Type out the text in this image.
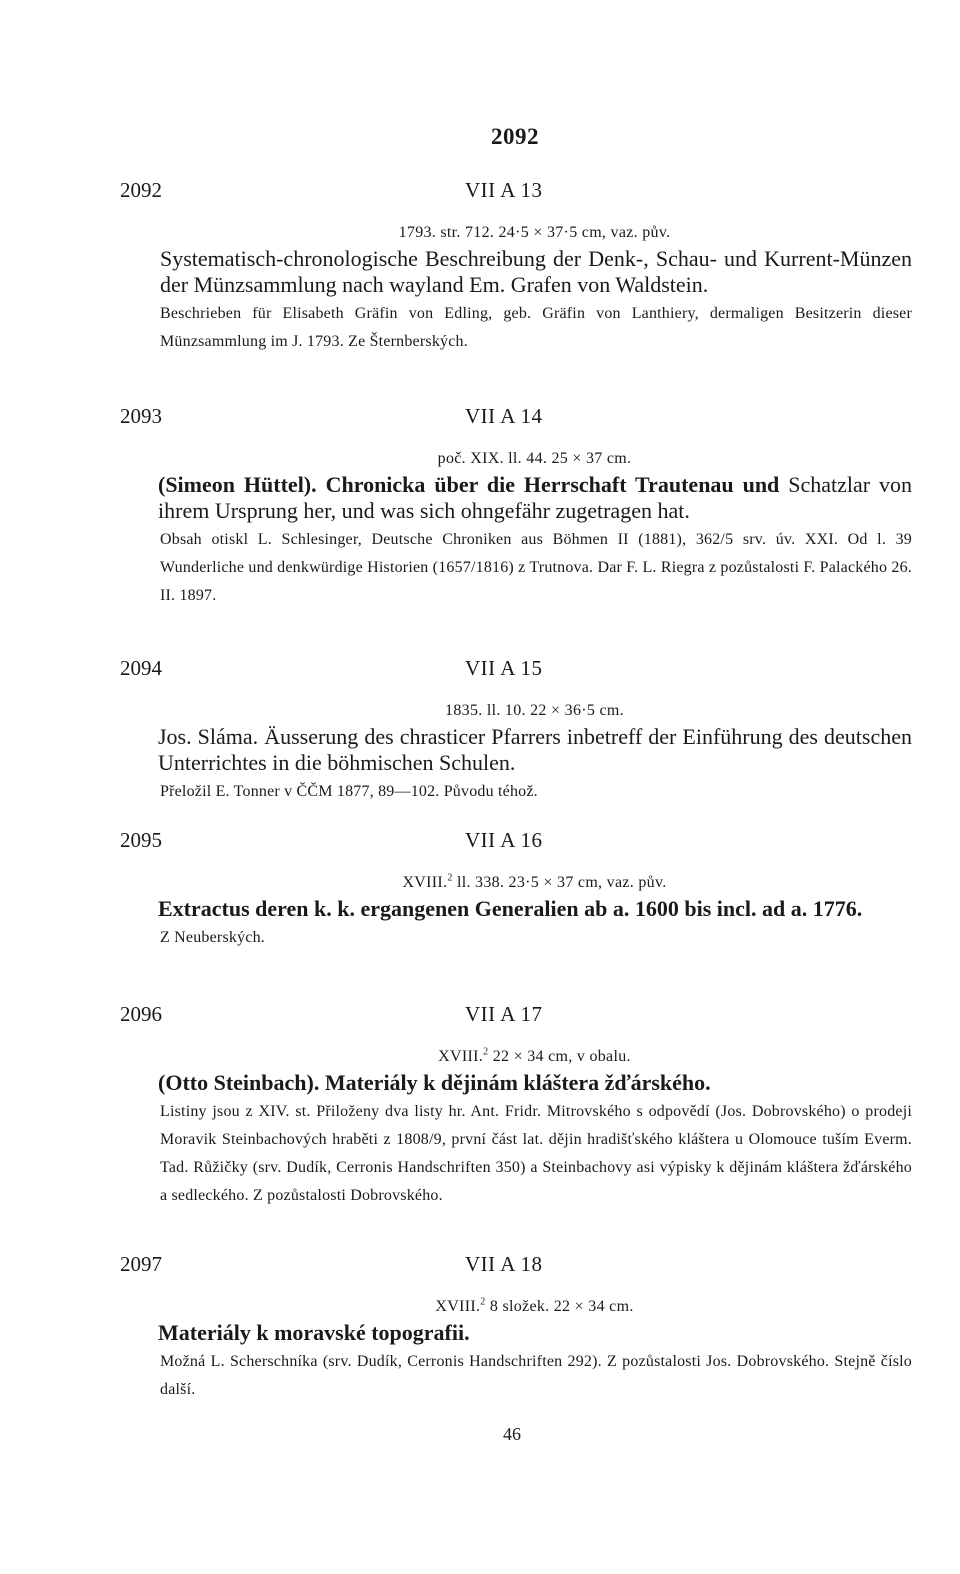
2092
2092	VII A 13
1793. str. 712. 24·5 × 37·5 cm, vaz. pův.

Systematisch-chronologische Beschreibung der Denk-, Schau- und Kurrent-Münzen der Münzsammlung nach wayland Em. Grafen von Waldstein.

Beschrieben für Elisabeth Gräfin von Edling, geb. Gräfin von Lanthiery, dermaligen Besitzerin dieser Münzsammlung im J. 1793. Ze Šternberských.

2093	VII A 14
poč. XIX. ll. 44. 25 × 37 cm.

(Simeon Hüttel). Chronicka über die Herrschaft Trautenau und Schatzlar von ihrem Ursprung her, und was sich ohngefähr zugetragen hat.

Obsah otiskl L. Schlesinger, Deutsche Chroniken aus Böhmen II (1881), 362/5 srv. úv. XXI. Od l. 39 Wunderliche und denkwürdige Historien (1657/1816) z Trutnova. Dar F. L. Riegra z pozůstalosti F. Palackého 26. II. 1897.

2094	VII A 15
1835. ll. 10. 22 × 36·5 cm.

Jos. Sláma. Äusserung des chrasticer Pfarrers inbetreff der Einführung des deutschen Unterrichtes in die böhmischen Schulen.

Přeložil E. Tonner v ČČM 1877, 89—102. Původu téhož.

2095	VII A 16
XVIII.$^2$ ll. 338. 23·5 × 37 cm, vaz. pův.

Extractus deren k. k. ergangenen Generalien ab a. 1600 bis incl. ad a. 1776.

Z Neuberských.

2096	VII A 17
XVIII.$^2$ 22 × 34 cm, v obalu.

(Otto Steinbach). Materiály k dějinám kláštera žďárského.

Listiny jsou z XIV. st. Přiloženy dva listy hr. Ant. Fridr. Mitrovského s odpovědí (Jos. Dobrovského) o prodeji Moravik Steinbachových hraběti z 1808/9, první část lat. dějin hradišťského kláštera u Olomouce tuším Everm. Tad. Růžičky (srv. Dudík, Cerronis Handschriften 350) a Steinbachovy asi výpisky k dějinám kláštera žďárského a sedleckého. Z pozůstalosti Dobrovského.

2097	VII A 18
XVIII.$^2$ 8 složek. 22 × 34 cm.

Materiály k moravské topografii.

Možná L. Scherschníka (srv. Dudík, Cerronis Handschriften 292). Z pozůstalosti Jos. Dobrovského. Stejně číslo další.

46
